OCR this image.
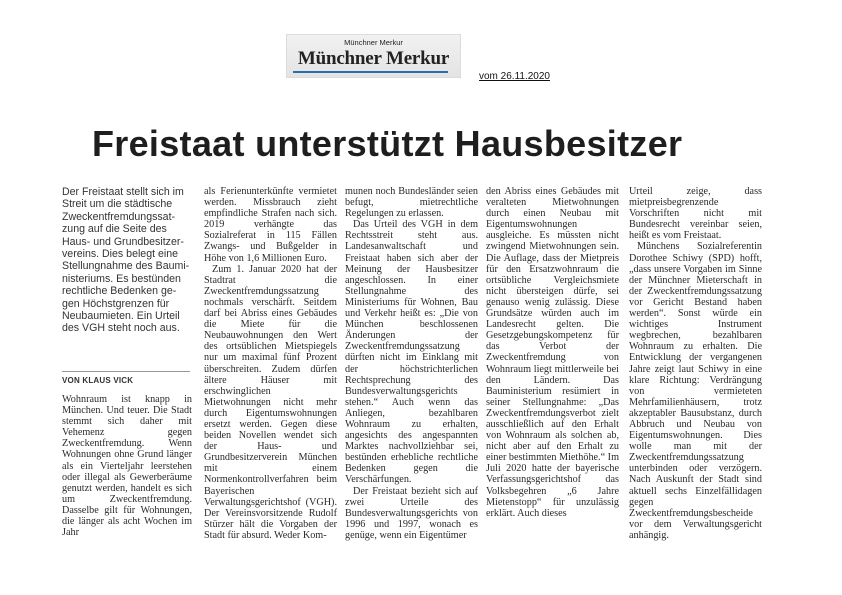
Münchner Merkur
Münchner Merkur
vom 26.11.2020
Freistaat unterstützt Hausbesitzer

Der Freistaat stellt sich im Streit um die städtische Zweckentfremdungssatzung auf die Seite des Haus- und Grundbesitzervereins. Dies belegt eine Stellungnahme des Bauministeriums. Es bestünden rechtliche Bedenken gegen Höchstgrenzen für Neubaumieten. Ein Urteil des VGH steht noch aus.

VON KLAUS VICK

Wohnraum ist knapp in München. Und teuer. Die Stadt stemmt sich daher mit Vehemenz gegen Zweckentfremdung. Wenn Wohnungen ohne Grund länger als ein Vierteljahr leerstehen oder illegal als Gewerberäume genutzt werden, handelt es sich um Zweckentfremdung. Dasselbe gilt für Wohnungen, die länger als acht Wochen im Jahr

als Ferienunterkünfte vermietet werden. Missbrauch zieht empfindliche Strafen nach sich. 2019 verhängte das Sozialreferat in 115 Fällen Zwangs- und Bußgelder in Höhe von 1,6 Millionen Euro.

Zum 1. Januar 2020 hat der Stadtrat die Zweckentfremdungssatzung nochmals verschärft. Seitdem darf bei Abriss eines Gebäudes die Miete für die Neubauwohnungen den Wert des ortsüblichen Mietspiegels nur um maximal fünf Prozent überschreiten. Zudem dürfen ältere Häuser mit erschwinglichen Mietwohnungen nicht mehr durch Eigentumswohnungen ersetzt werden. Gegen diese beiden Novellen wendet sich der Haus- und Grundbesitzerverein München mit einem Normenkontrollverfahren beim Bayerischen Verwaltungsgerichtshof (VGH). Der Vereinsvorsitzende Rudolf Stürzer hält die Vorgaben der Stadt für absurd. Weder Kom-

munen noch Bundesländer seien befugt, mietrechtliche Regelungen zu erlassen.

Das Urteil des VGH in dem Rechtsstreit steht aus. Landesanwaltschaft und Freistaat haben sich aber der Meinung der Hausbesitzer angeschlossen. In einer Stellungnahme des Ministeriums für Wohnen, Bau und Verkehr heißt es: „Die von München beschlossenen Änderungen der Zweckentfremdungssatzung dürften nicht im Einklang mit der höchstrichterlichen Rechtsprechung des Bundesverwaltungsgerichts stehen.“ Auch wenn das Anliegen, bezahlbaren Wohnraum zu erhalten, angesichts des angespannten Marktes nachvollziehbar sei, bestünden erhebliche rechtliche Bedenken gegen die Verschärfungen.

Der Freistaat bezieht sich auf zwei Urteile des Bundesverwaltungsgerichts von 1996 und 1997, wonach es genüge, wenn ein Eigentümer

den Abriss eines Gebäudes mit veralteten Mietwohnungen durch einen Neubau mit Eigentumswohnungen ausgleiche. Es müssten nicht zwingend Mietwohnungen sein. Die Auflage, dass der Mietpreis für den Ersatzwohnraum die ortsübliche Vergleichsmiete nicht übersteigen dürfe, sei genauso wenig zulässig. Diese Grundsätze würden auch im Landesrecht gelten. Die Gesetzgebungskompetenz für das Verbot der Zweckentfremdung von Wohnraum liegt mittlerweile bei den Ländern. Das Bauministerium resümiert in seiner Stellungnahme: „Das Zweckentfremdungsverbot zielt ausschließlich auf den Erhalt von Wohnraum als solchen ab, nicht aber auf den Erhalt zu einer bestimmten Miethöhe.“ Im Juli 2020 hatte der bayerische Verfassungsgerichtshof das Volksbegehren „6 Jahre Mietenstopp“ für unzulässig erklärt. Auch dieses

Urteil zeige, dass mietpreisbegrenzende Vorschriften nicht mit Bundesrecht vereinbar seien, heißt es vom Freistaat.

Münchens Sozialreferentin Dorothee Schiwy (SPD) hofft, „dass unsere Vorgaben im Sinne der Münchner Mieterschaft in der Zweckentfremdungssatzung vor Gericht Bestand haben werden“. Sonst würde ein wichtiges Instrument wegbrechen, bezahlbaren Wohnraum zu erhalten. Die Entwicklung der vergangenen Jahre zeigt laut Schiwy in eine klare Richtung: Verdrängung von vermieteten Mehrfamilienhäusern, trotz akzeptabler Bausubstanz, durch Abbruch und Neubau von Eigentumswohnungen. Dies wolle man mit der Zweckentfremdungssatzung unterbinden oder verzögern. Nach Auskunft der Stadt sind aktuell sechs Einzelfällidagen gegen Zweckentfremdungsbescheide vor dem Verwaltungsgericht anhängig.
